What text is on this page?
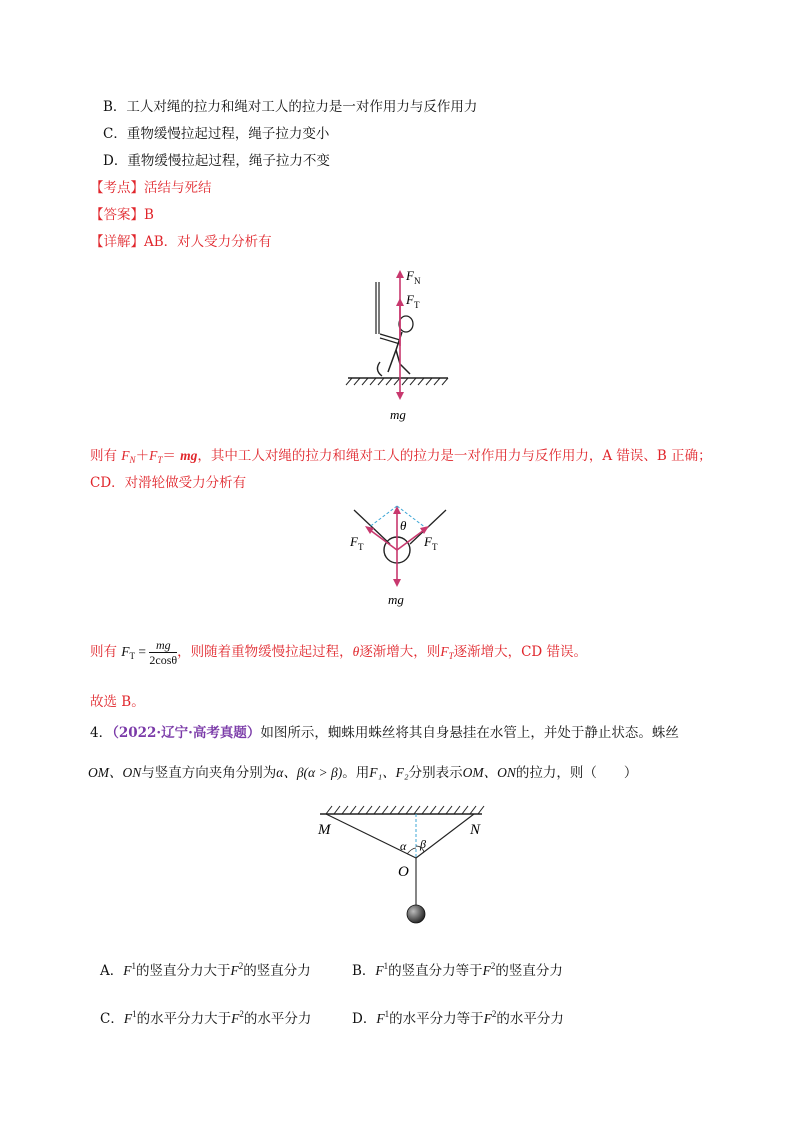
B．工人对绳的拉力和绳对工人的拉力是一对作用力与反作用力
C．重物缓慢拉起过程，绳子拉力变小
D．重物缓慢拉起过程，绳子拉力不变
【考点】活结与死结
【答案】B
【详解】AB．对人受力分析有
$F_N$
$F_T$
mg
则有 $F_N+F_T=$ mg，其中工人对绳的拉力和绳对工人的拉力是一对作用力与反作用力，A 错误、B 正确；
CD．对滑轮做受力分析有
θ
$F_T$	$F_T$
mg
则有 $F_T = \frac{mg}{2\cos\theta}$ ，则随着重物缓慢拉起过程，θ逐渐增大，则$F_T$逐渐增大，CD 错误。
故选 B。
4．（2022·辽宁·高考真题）如图所示，蜘蛛用蛛丝将其自身悬挂在水管上，并处于静止状态。蛛丝
OM、ON与竖直方向夹角分别为α、β(α > β)。用F₁、F₂分别表示OM、ON的拉力，则（　　）
M	N
O
α β
A．$F^1$的竖直分力大于$F^2$的竖直分力	B．$F^1$的竖直分力等于$F^2$的竖直分力
C．$F^1$的水平分力大于$F^2$的水平分力	D．$F^1$的水平分力等于$F^2$的水平分力
